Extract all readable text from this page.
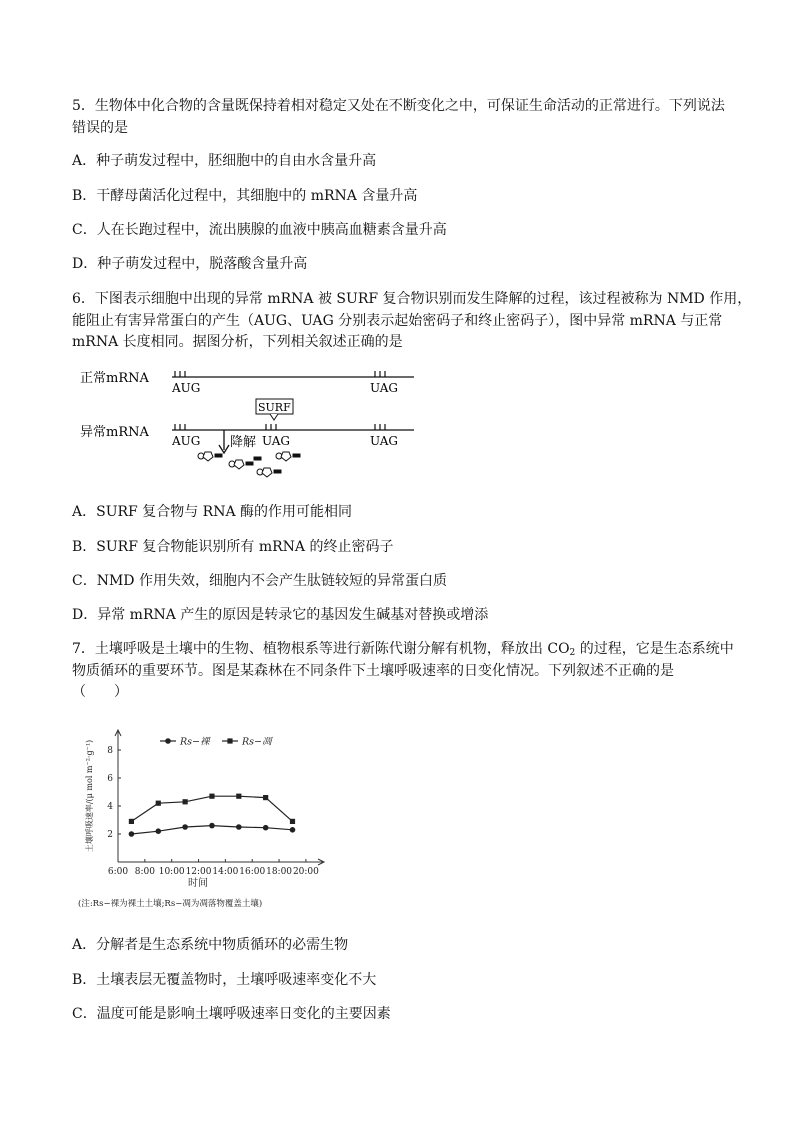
5．生物体中化合物的含量既保持着相对稳定又处在不断变化之中，可保证生命活动的正常进行。下列说法
错误的是
A．种子萌发过程中，胚细胞中的自由水含量升高
B．干酵母菌活化过程中，其细胞中的 mRNA 含量升高
C．人在长跑过程中，流出胰腺的血液中胰高血糖素含量升高
D．种子萌发过程中，脱落酸含量升高
6．下图表示细胞中出现的异常 mRNA 被 SURF 复合物识别而发生降解的过程，该过程被称为 NMD 作用，
能阻止有害异常蛋白的产生（AUG、UAG 分别表示起始密码子和终止密码子），图中异常 mRNA 与正常
mRNA 长度相同。据图分析，下列相关叙述正确的是
正常mRNA
AUG	UAG
SURF
异常mRNA
AUG	UAG	UAG
降解
A．SURF 复合物与 RNA 酶的作用可能相同
B．SURF 复合物能识别所有 mRNA 的终止密码子
C．NMD 作用失效，细胞内不会产生肽链较短的异常蛋白质
D．异常 mRNA 产生的原因是转录它的基因发生碱基对替换或增添
7．土壤呼吸是土壤中的生物、植物根系等进行新陈代谢分解有机物，释放出 $CO_2$ 的过程，它是生态系统中
物质循环的重要环节。图是某森林在不同条件下土壤呼吸速率的日变化情况。下列叙述不正确的是
（　　）
2
4
6
8
6:00 8:00 10:00 12:00 14:00 16:00 18:00 20:00
时间
土壤呼吸速率/(μ mol m⁻²·g⁻¹)
(注:Rs−裸为裸土土壤;Rs−凋为凋落物覆盖土壤)
Rs−裸	Rs−凋
A．分解者是生态系统中物质循环的必需生物
B．土壤表层无覆盖物时，土壤呼吸速率变化不大
C．温度可能是影响土壤呼吸速率日变化的主要因素
